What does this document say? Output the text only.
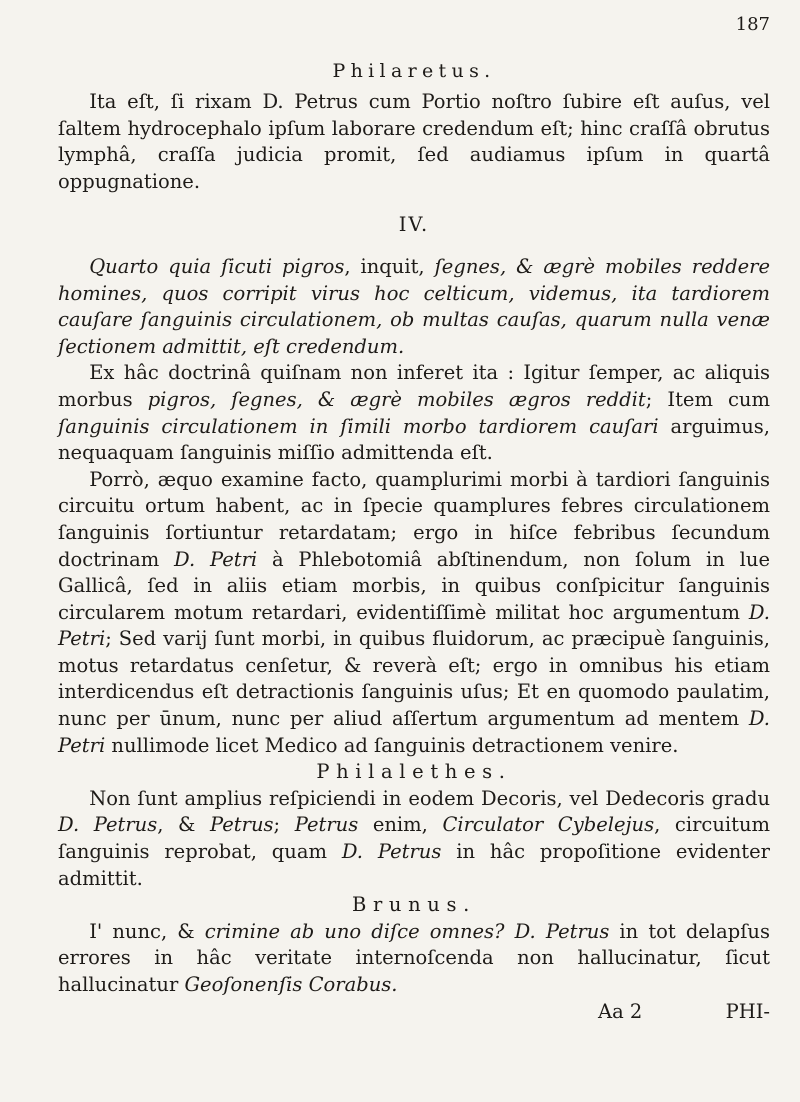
187
Philaretus.

Ita eſt, ſi rixam D. Petrus cum Portio noſtro ſubire eſt auſus, vel ſaltem hydrocephalo ipſum laborare credendum eſt; hinc craſſâ obrutus lymphâ, craſſa judicia promit, ſed audiamus ipſum in quartâ oppugnatione.

IV.

Quarto quia ſicuti pigros, inquit, ſegnes, & ægrè mobiles reddere homines, quos corripit virus hoc celticum, videmus, ita tardiorem cauſare ſanguinis circulationem, ob multas cauſas, quarum nulla venæ ſectionem admittit, eſt credendum.

Ex hâc doctrinâ quiſnam non inferet ita : Igitur ſemper, ac aliquis morbus pigros, ſegnes, & ægrè mobiles ægros reddit; Item cum ſanguinis circulationem in ſimili morbo tardiorem cauſari arguimus, nequaquam ſanguinis miſſio admittenda eſt.

Porrò, æquo examine facto, quamplurimi morbi à tardiori ſanguinis circuitu ortum habent, ac in ſpecie quamplures febres circulationem ſanguinis ſortiuntur retardatam; ergo in hiſce febribus ſecundum doctrinam D. Petri à Phlebotomiâ abſtinendum, non ſolum in lue Gallicâ, ſed in aliis etiam morbis, in quibus conſpicitur ſanguinis circularem motum retardari, evidentiſſimè militat hoc argumentum D. Petri; Sed varij ſunt morbi, in quibus fluidorum, ac præcipuè ſanguinis, motus retardatus cenſetur, & reverà eſt; ergo in omnibus his etiam interdicendus eſt detractionis ſanguinis uſus; Et en quomodo paulatim, nunc per ūnum, nunc per aliud aſſertum argumentum ad mentem D. Petri nullimode licet Medico ad ſanguinis detractionem venire.

Philalethes.

Non ſunt amplius reſpiciendi in eodem Decoris, vel Dedecoris gradu D. Petrus, & Petrus; Petrus enim, Circulator Cybelejus, circuitum ſanguinis reprobat, quam D. Petrus in hâc propoſitione evidenter admittit.

Brunus.

I' nunc, & crimine ab uno diſce omnes? D. Petrus in tot delapſus errores in hâc veritate internoſcenda non hallucinatur, ſicut hallucinatur Geoſonenſis Corabus.

Aa 2	PHI-
